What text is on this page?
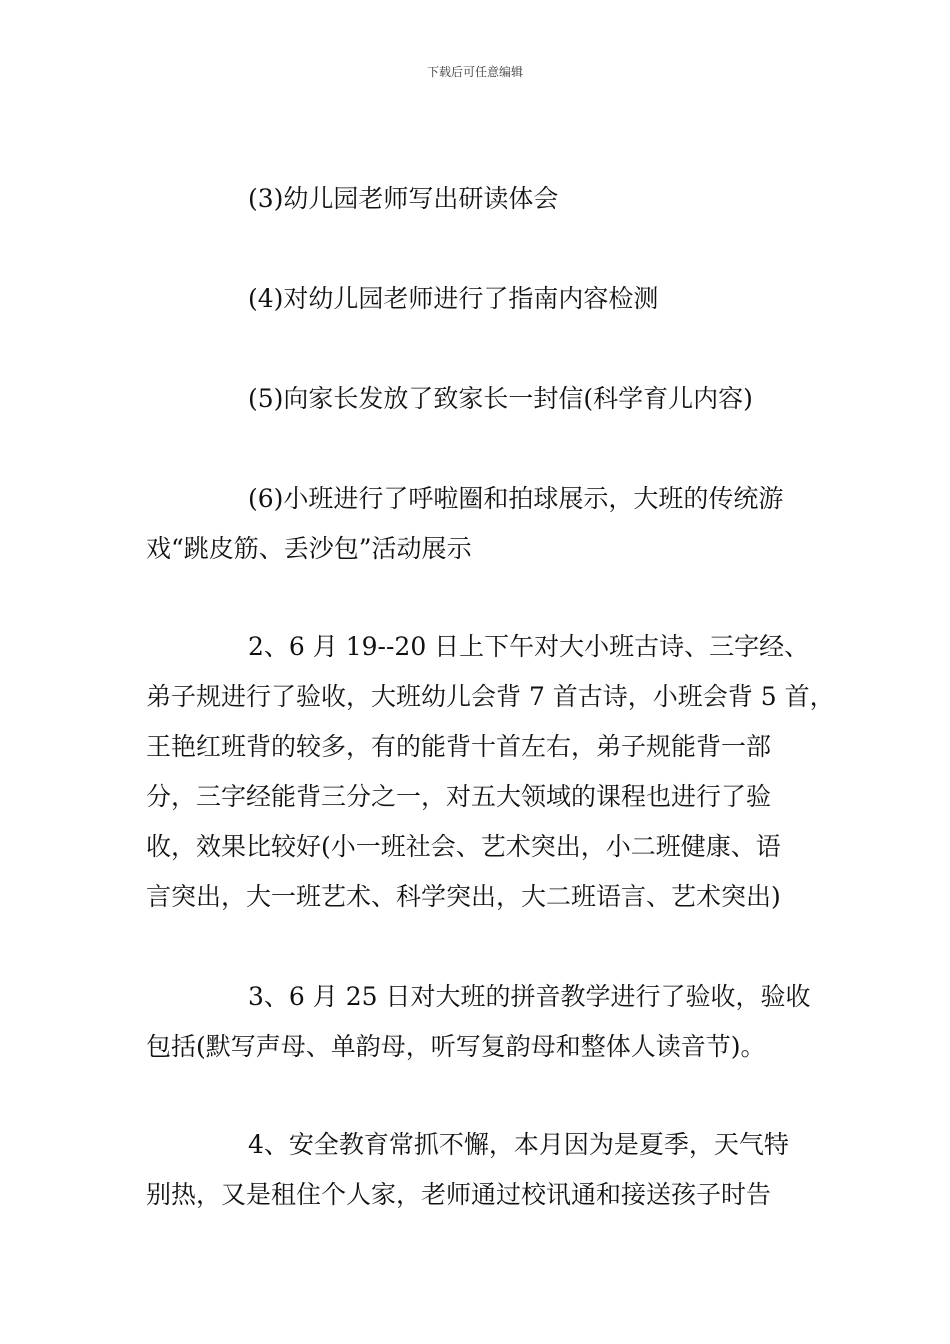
下载后可任意编辑
(3)幼儿园老师写出研读体会
(4)对幼儿园老师进行了指南内容检测
(5)向家长发放了致家长一封信(科学育儿内容)
(6)小班进行了呼啦圈和拍球展示，大班的传统游
戏“跳皮筋、丢沙包”活动展示
2、6 月 19--20 日上下午对大小班古诗、三字经、
弟子规进行了验收，大班幼儿会背 7 首古诗，小班会背 5 首，
王艳红班背的较多，有的能背十首左右，弟子规能背一部
分，三字经能背三分之一，对五大领域的课程也进行了验
收，效果比较好(小一班社会、艺术突出，小二班健康、语
言突出，大一班艺术、科学突出，大二班语言、艺术突出)
3、6 月 25 日对大班的拼音教学进行了验收，验收
包括(默写声母、单韵母，听写复韵母和整体人读音节)。
4、安全教育常抓不懈，本月因为是夏季，天气特
别热，又是租住个人家，老师通过校讯通和接送孩子时告
